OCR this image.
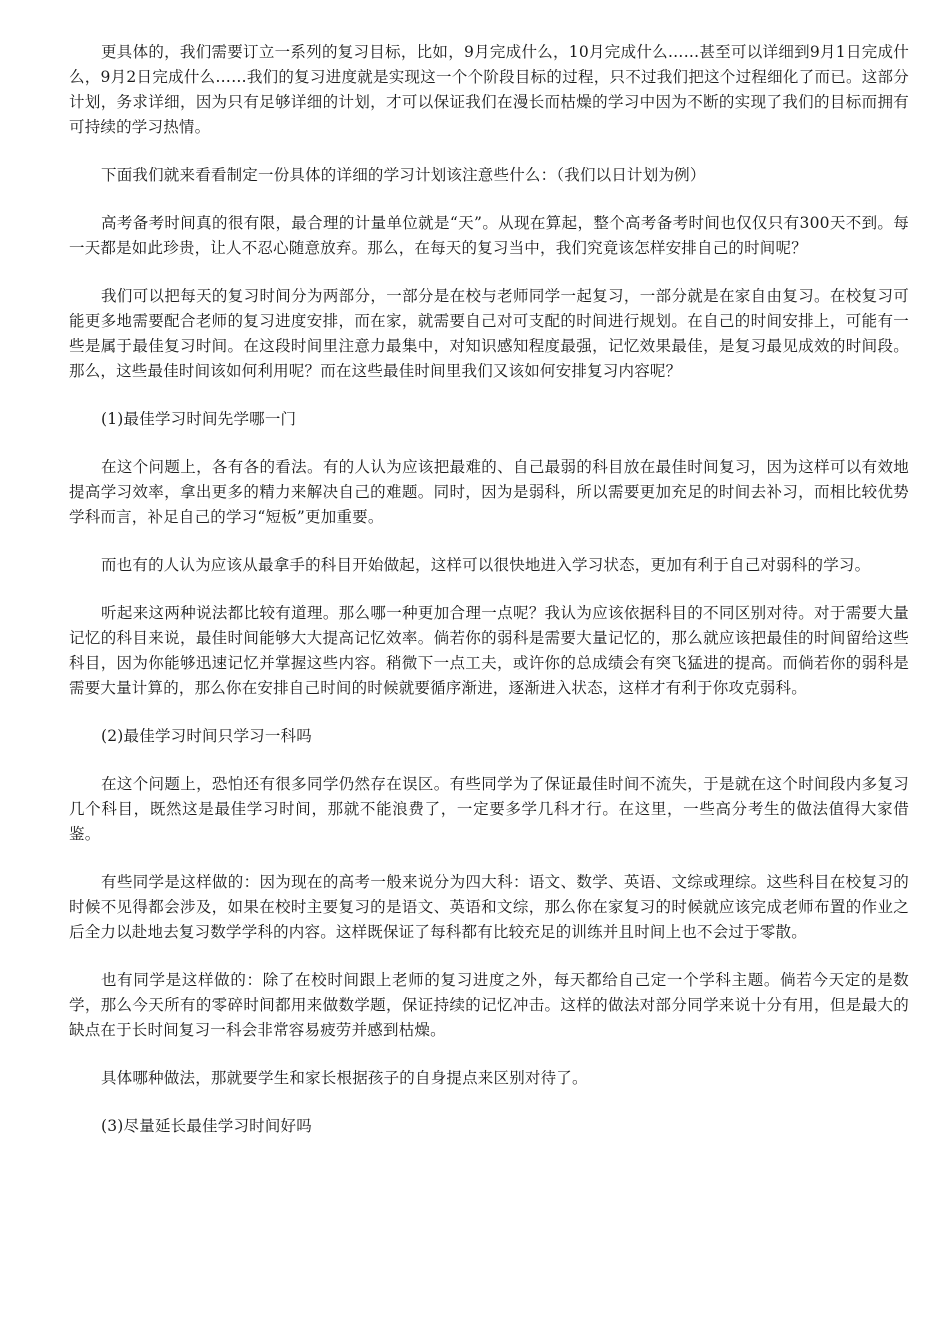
更具体的，我们需要订立一系列的复习目标，比如，9月完成什么，10月完成什么……甚至可以详细到9月1日完成什么，9月2日完成什么……我们的复习进度就是实现这一个个阶段目标的过程，只不过我们把这个过程细化了而已。这部分计划，务求详细，因为只有足够详细的计划，才可以保证我们在漫长而枯燥的学习中因为不断的实现了我们的目标而拥有可持续的学习热情。

下面我们就来看看制定一份具体的详细的学习计划该注意些什么：（我们以日计划为例）

高考备考时间真的很有限，最合理的计量单位就是“天”。从现在算起，整个高考备考时间也仅仅只有300天不到。每一天都是如此珍贵，让人不忍心随意放弃。那么，在每天的复习当中，我们究竟该怎样安排自己的时间呢？

我们可以把每天的复习时间分为两部分，一部分是在校与老师同学一起复习，一部分就是在家自由复习。在校复习可能更多地需要配合老师的复习进度安排，而在家，就需要自己对可支配的时间进行规划。在自己的时间安排上，可能有一些是属于最佳复习时间。在这段时间里注意力最集中，对知识感知程度最强，记忆效果最佳，是复习最见成效的时间段。那么，这些最佳时间该如何利用呢？而在这些最佳时间里我们又该如何安排复习内容呢？

(1)最佳学习时间先学哪一门

在这个问题上，各有各的看法。有的人认为应该把最难的、自己最弱的科目放在最佳时间复习，因为这样可以有效地提高学习效率，拿出更多的精力来解决自己的难题。同时，因为是弱科，所以需要更加充足的时间去补习，而相比较优势学科而言，补足自己的学习“短板”更加重要。

而也有的人认为应该从最拿手的科目开始做起，这样可以很快地进入学习状态，更加有利于自己对弱科的学习。

听起来这两种说法都比较有道理。那么哪一种更加合理一点呢？我认为应该依据科目的不同区别对待。对于需要大量记忆的科目来说，最佳时间能够大大提高记忆效率。倘若你的弱科是需要大量记忆的，那么就应该把最佳的时间留给这些科目，因为你能够迅速记忆并掌握这些内容。稍微下一点工夫，或许你的总成绩会有突飞猛进的提高。而倘若你的弱科是需要大量计算的，那么你在安排自己时间的时候就要循序渐进，逐渐进入状态，这样才有利于你攻克弱科。

(2)最佳学习时间只学习一科吗

在这个问题上，恐怕还有很多同学仍然存在误区。有些同学为了保证最佳时间不流失，于是就在这个时间段内多复习几个科目，既然这是最佳学习时间，那就不能浪费了，一定要多学几科才行。在这里，一些高分考生的做法值得大家借鉴。

有些同学是这样做的：因为现在的高考一般来说分为四大科：语文、数学、英语、文综或理综。这些科目在校复习的时候不见得都会涉及，如果在校时主要复习的是语文、英语和文综，那么你在家复习的时候就应该完成老师布置的作业之后全力以赴地去复习数学学科的内容。这样既保证了每科都有比较充足的训练并且时间上也不会过于零散。

也有同学是这样做的：除了在校时间跟上老师的复习进度之外，每天都给自己定一个学科主题。倘若今天定的是数学，那么今天所有的零碎时间都用来做数学题，保证持续的记忆冲击。这样的做法对部分同学来说十分有用，但是最大的缺点在于长时间复习一科会非常容易疲劳并感到枯燥。

具体哪种做法，那就要学生和家长根据孩子的自身提点来区别对待了。

(3)尽量延长最佳学习时间好吗
